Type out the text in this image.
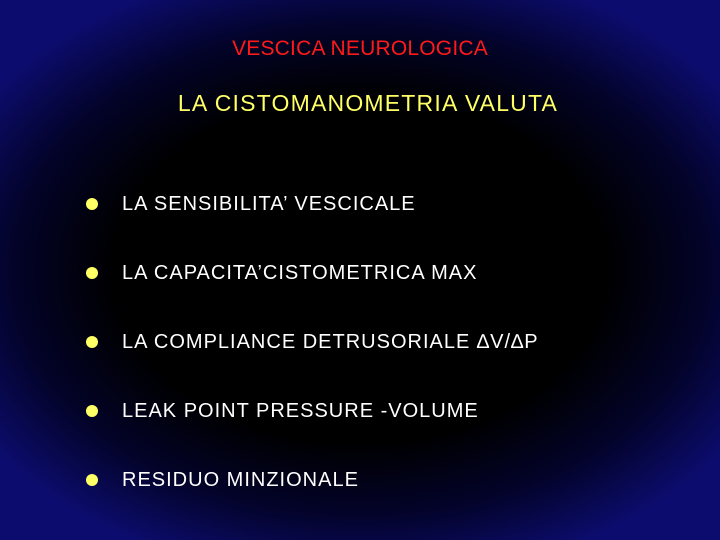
VESCICA NEUROLOGICA
LA CISTOMANOMETRIA VALUTA
LA SENSIBILITA’ VESCICALE
LA CAPACITA’CISTOMETRICA MAX
LA COMPLIANCE DETRUSORIALE ∆V/∆P
LEAK POINT PRESSURE -VOLUME
RESIDUO MINZIONALE
